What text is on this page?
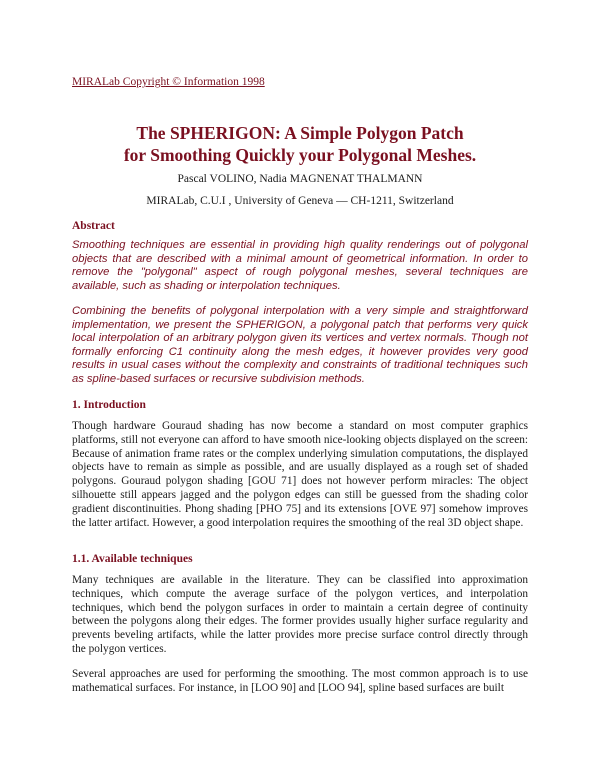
MIRALab Copyright © Information 1998
The SPHERIGON: A Simple Polygon Patch
for Smoothing Quickly your Polygonal Meshes.
Pascal VOLINO, Nadia MAGNENAT THALMANN
MIRALab, C.U.I , University of Geneva — CH-1211, Switzerland
Abstract
Smoothing techniques are essential in providing high quality renderings out of polygonal objects that are described with a minimal amount of geometrical information. In order to remove the "polygonal" aspect of rough polygonal meshes, several techniques are available, such as shading or interpolation techniques.
Combining the benefits of polygonal interpolation with a very simple and straightforward implementation, we present the SPHERIGON, a polygonal patch that performs very quick local interpolation of an arbitrary polygon given its vertices and vertex normals. Though not formally enforcing C1 continuity along the mesh edges, it however provides very good results in usual cases without the complexity and constraints of traditional techniques such as spline-based surfaces or recursive subdivision methods.
1. Introduction
Though hardware Gouraud shading has now become a standard on most computer graphics platforms, still not everyone can afford to have smooth nice-looking objects displayed on the screen: Because of animation frame rates or the complex underlying simulation computations, the displayed objects have to remain as simple as possible, and are usually displayed as a rough set of shaded polygons. Gouraud polygon shading [GOU 71] does not however perform miracles: The object silhouette still appears jagged and the polygon edges can still be guessed from the shading color gradient discontinuities. Phong shading [PHO 75] and its extensions [OVE 97] somehow improves the latter artifact. However, a good interpolation requires the smoothing of the real 3D object shape.
1.1. Available techniques
Many techniques are available in the literature. They can be classified into approximation techniques, which compute the average surface of the polygon vertices, and interpolation techniques, which bend the polygon surfaces in order to maintain a certain degree of continuity between the polygons along their edges. The former provides usually higher surface regularity and prevents beveling artifacts, while the latter provides more precise surface control directly through the polygon vertices.
Several approaches are used for performing the smoothing. The most common approach is to use mathematical surfaces. For instance, in [LOO 90] and [LOO 94], spline based surfaces are built
